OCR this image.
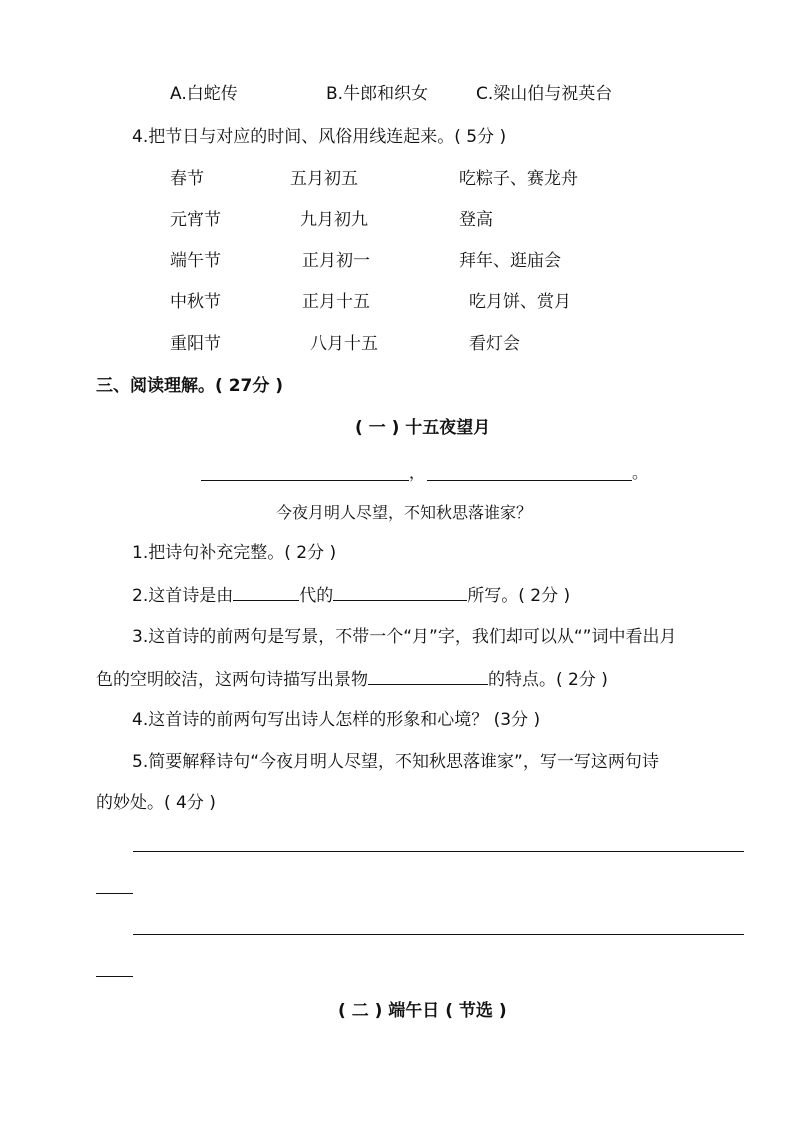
A.白蛇传	B.牛郎和织女	C.梁山伯与祝英台
4.把节日与对应的时间、风俗用线连起来。( 5分 )
春节	五月初五	吃粽子、赛龙舟
元宵节	九月初九	登高
端午节	正月初一	拜年、逛庙会
中秋节	正月十五	吃月饼、赏月
重阳节	八月十五	看灯会
三、阅读理解。( 27分 )
( 一 ) 十五夜望月
，	。
今夜月明人尽望，不知秋思落谁家？
1.把诗句补充完整。( 2分 )
2.这首诗是由	代的	所写。( 2分 )
3.这首诗的前两句是写景，不带一个“月”字，我们却可以从“”词中看出月
色的空明皎洁，这两句诗描写出景物	的特点。( 2分 )
4.这首诗的前两句写出诗人怎样的形象和心境？ (3分 )
5.简要解释诗句“今夜月明人尽望，不知秋思落谁家”，写一写这两句诗
的妙处。( 4分 )
( 二 ) 端午日 ( 节选 )
